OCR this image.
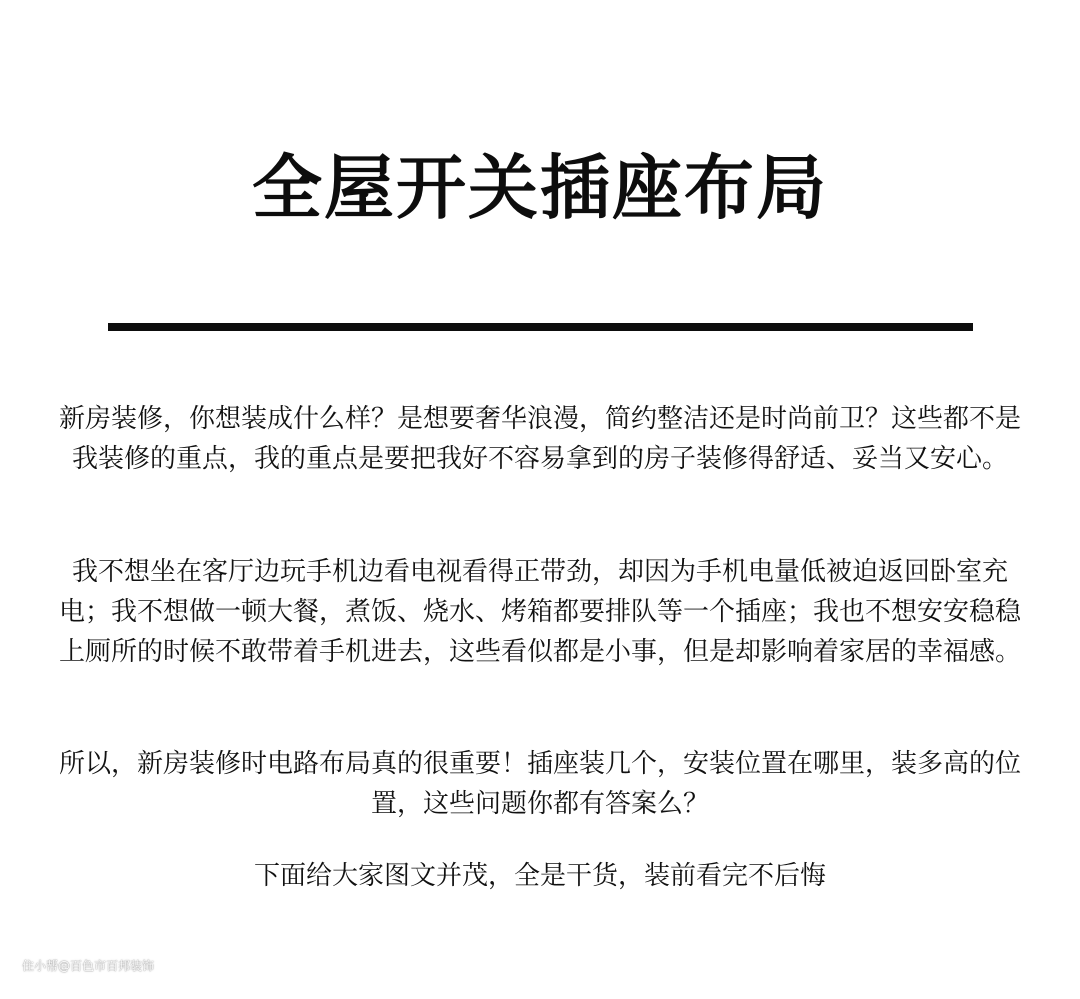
全屋开关插座布局
新房装修，你想装成什么样？是想要奢华浪漫，简约整洁还是时尚前卫？这些都不是我装修的重点，我的重点是要把我好不容易拿到的房子装修得舒适、妥当又安心。
我不想坐在客厅边玩手机边看电视看得正带劲，却因为手机电量低被迫返回卧室充电；我不想做一顿大餐，煮饭、烧水、烤箱都要排队等一个插座；我也不想安安稳稳上厕所的时候不敢带着手机进去，这些看似都是小事，但是却影响着家居的幸福感。
所以，新房装修时电路布局真的很重要！插座装几个，安装位置在哪里，装多高的位置，这些问题你都有答案么？
下面给大家图文并茂，全是干货，装前看完不后悔
住小帮@百色市百邦装饰
